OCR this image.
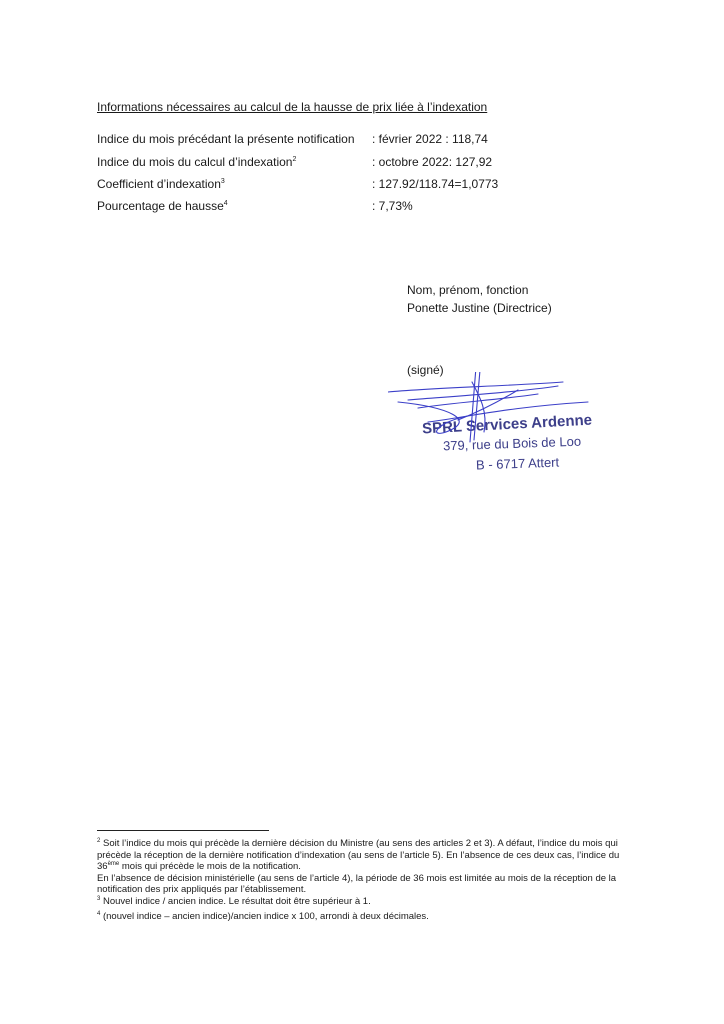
Informations nécessaires au calcul de la hausse de prix liée à l’indexation
Indice du mois précédant la présente notification : février 2022 : 118,74
Indice du mois du calcul d’indexation$^2$	: octobre 2022: 127,92
Coefficient d’indexation$^3$	: 127.92/118.74=1,0773
Pourcentage de hausse$^4$	: 7,73%
Nom, prénom, fonction
Ponette Justine (Directrice)
(signé)
SPRL Services Ardenne
379, rue du Bois de Loo
B - 6717 Attert

$^2$ Soit l’indice du mois qui précède la dernière décision du Ministre (au sens des articles 2 et 3). A défaut, l’indice du mois qui précède la réception de la dernière notification d’indexation (au sens de l’article 5). En l’absence de ces deux cas, l’indice du 36ème mois qui précède le mois de la notification.

En l’absence de décision ministérielle (au sens de l’article 4), la période de 36 mois est limitée au mois de la réception de la notification des prix appliqués par l’établissement.

$^3$ Nouvel indice / ancien indice. Le résultat doit être supérieur à 1.

$^4$ (nouvel indice – ancien indice)/ancien indice x 100, arrondi à deux décimales.
